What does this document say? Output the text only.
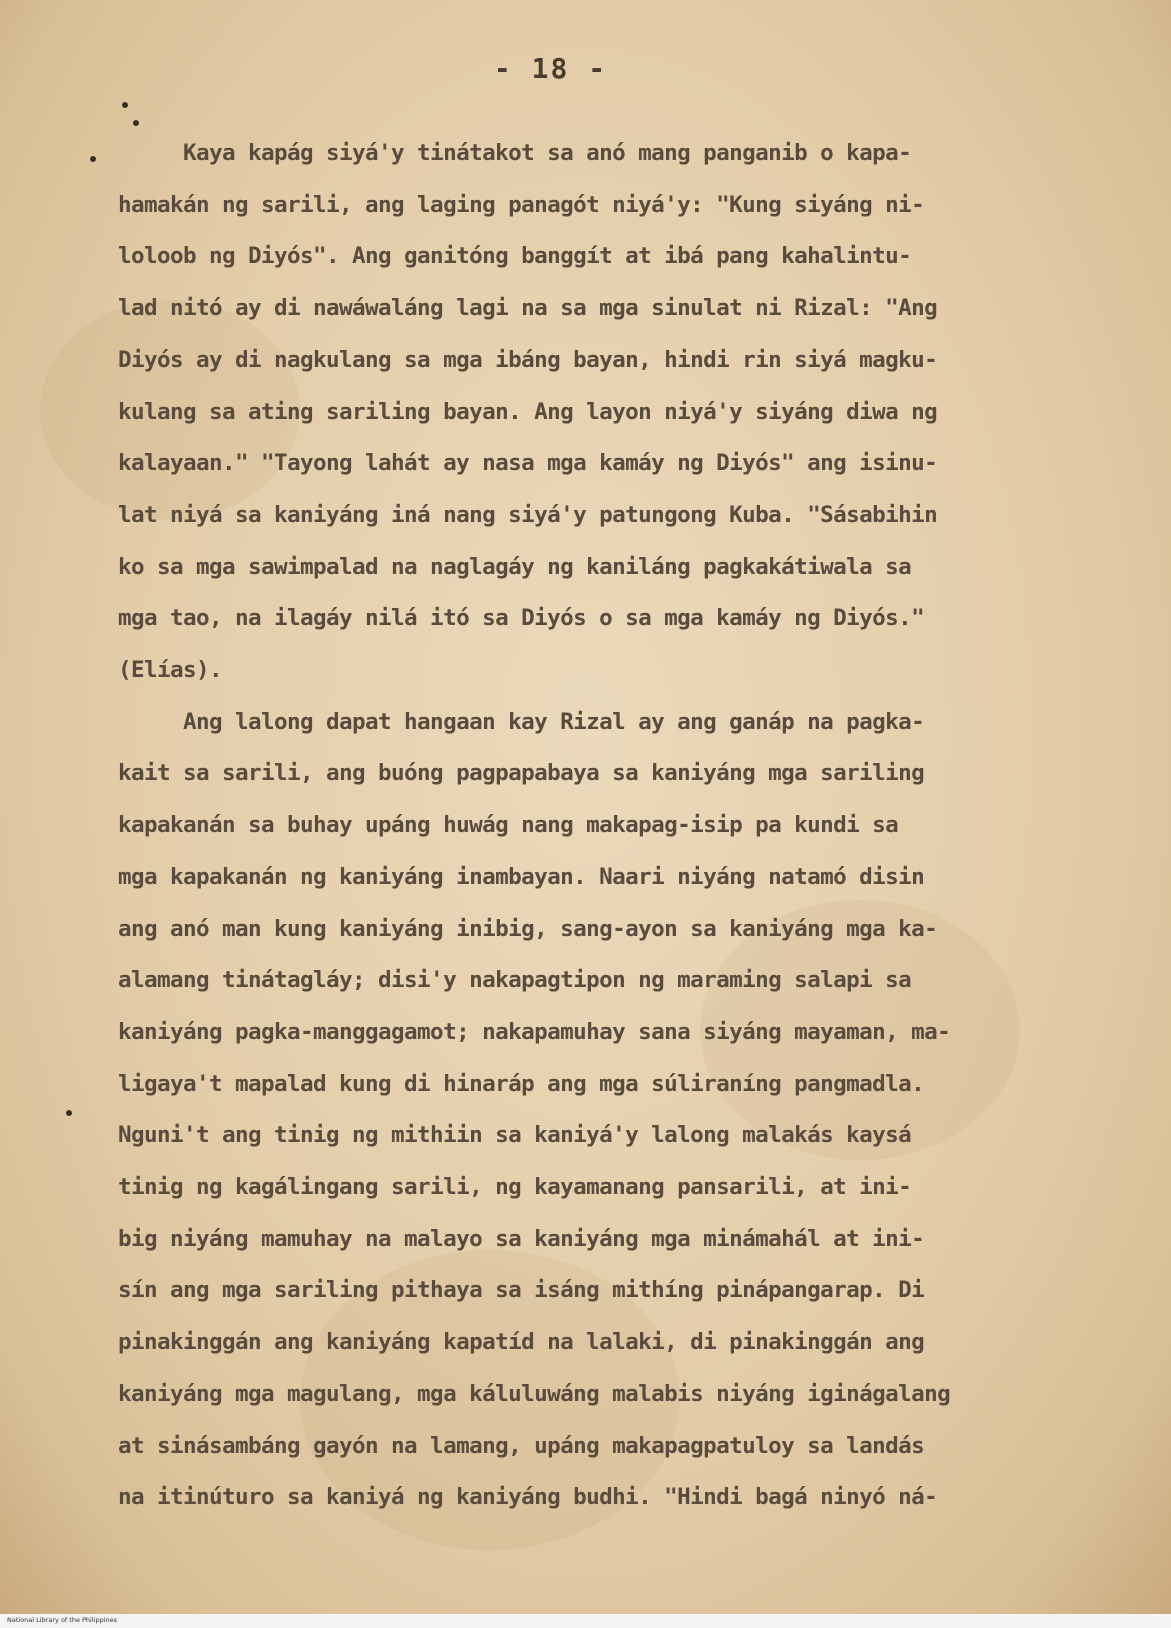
- 18 -
Kaya kapág siyá'y tinátakot sa anó mang panganib o kapa-
hamakán ng sarili, ang laging panagót niyá'y: "Kung siyáng ni-
loloob ng Diyós". Ang ganitóng banggít at ibá pang kahalintu-
lad nitó ay di nawáwaláng lagi na sa mga sinulat ni Rizal: "Ang
Diyós ay di nagkulang sa mga ibáng bayan, hindi rin siyá magku-
kulang sa ating sariling bayan. Ang layon niyá'y siyáng diwa ng
kalayaan." "Tayong lahát ay nasa mga kamáy ng Diyós" ang isinu-
lat niyá sa kaniyáng iná nang siyá'y patungong Kuba. "Sásabihin
ko sa mga sawimpalad na naglagáy ng kaniláng pagkakátiwala sa
mga tao, na ilagáy nilá itó sa Diyós o sa mga kamáy ng Diyós."
(Elías).
Ang lalong dapat hangaan kay Rizal ay ang ganáp na pagka-
kait sa sarili, ang buóng pagpapabaya sa kaniyáng mga sariling
kapakanán sa buhay upáng huwág nang makapag-isip pa kundi sa
mga kapakanán ng kaniyáng inambayan. Naari niyáng natamó disin
ang anó man kung kaniyáng inibig, sang-ayon sa kaniyáng mga ka-
alamang tinátagláy; disi'y nakapagtipon ng maraming salapi sa
kaniyáng pagka-manggagamot; nakapamuhay sana siyáng mayaman, ma-
ligaya't mapalad kung di hinaráp ang mga súliraníng pangmadla.
Nguni't ang tinig ng mithiin sa kaniyá'y lalong malakás kaysá
tinig ng kagálingang sarili, ng kayamanang pansarili, at ini-
big niyáng mamuhay na malayo sa kaniyáng mga minámahál at ini-
sín ang mga sariling pithaya sa isáng mithíng pinápangarap. Di
pinakinggán ang kaniyáng kapatíd na lalaki, di pinakinggán ang
kaniyáng mga magulang, mga káluluwáng malabis niyáng iginágalang
at sinásambáng gayón na lamang, upáng makapagpatuloy sa landás
na itinúturo sa kaniyá ng kaniyáng budhi. "Hindi bagá ninyó ná-
National Library of the Philippines
